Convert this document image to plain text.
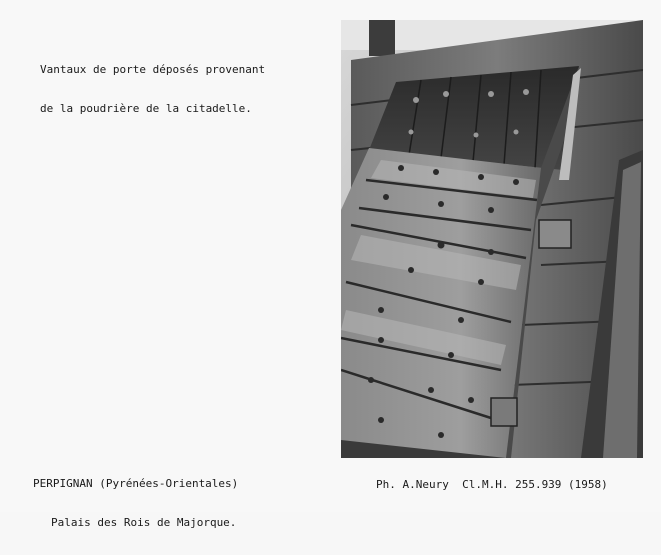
Vantaux de porte déposés provenant

de la poudrière de la citadelle.

PERPIGNAN (Pyrénées-Orientales)

Palais des Rois de Majorque.

Ph. A.Neury  Cl.M.H. 255.939 (1958)
